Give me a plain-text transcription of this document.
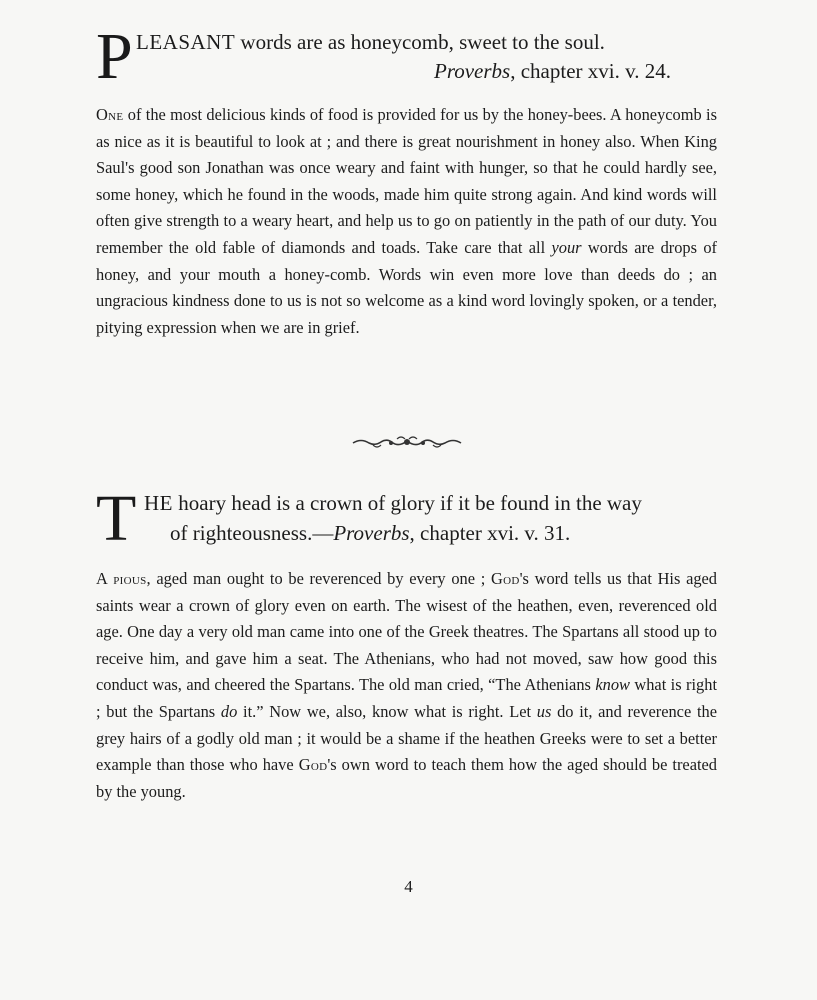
P LEASANT words are as honeycomb, sweet to the soul.
Proverbs, chapter xvi. v. 24.

One of the most delicious kinds of food is provided for us by the honey-bees. A honeycomb is as nice as it is beautiful to look at ; and there is great nourishment in honey also. When King Saul's good son Jonathan was once weary and faint with hunger, so that he could hardly see, some honey, which he found in the woods, made him quite strong again. And kind words will often give strength to a weary heart, and help us to go on patiently in the path of our duty. You remember the old fable of diamonds and toads. Take care that all your words are drops of honey, and your mouth a honey-comb. Words win even more love than deeds do ; an ungracious kindness done to us is not so welcome as a kind word lovingly spoken, or a tender, pitying expression when we are in grief.

T HE hoary head is a crown of glory if it be found in the way
of righteousness.—Proverbs, chapter xvi. v. 31.

A pious, aged man ought to be reverenced by every one ; God's word tells us that His aged saints wear a crown of glory even on earth. The wisest of the heathen, even, reverenced old age. One day a very old man came into one of the Greek theatres. The Spartans all stood up to receive him, and gave him a seat. The Athenians, who had not moved, saw how good this conduct was, and cheered the Spartans. The old man cried, “The Athenians know what is right ; but the Spartans do it.” Now we, also, know what is right. Let us do it, and reverence the grey hairs of a godly old man ; it would be a shame if the heathen Greeks were to set a better example than those who have God's own word to teach them how the aged should be treated by the young.

4
